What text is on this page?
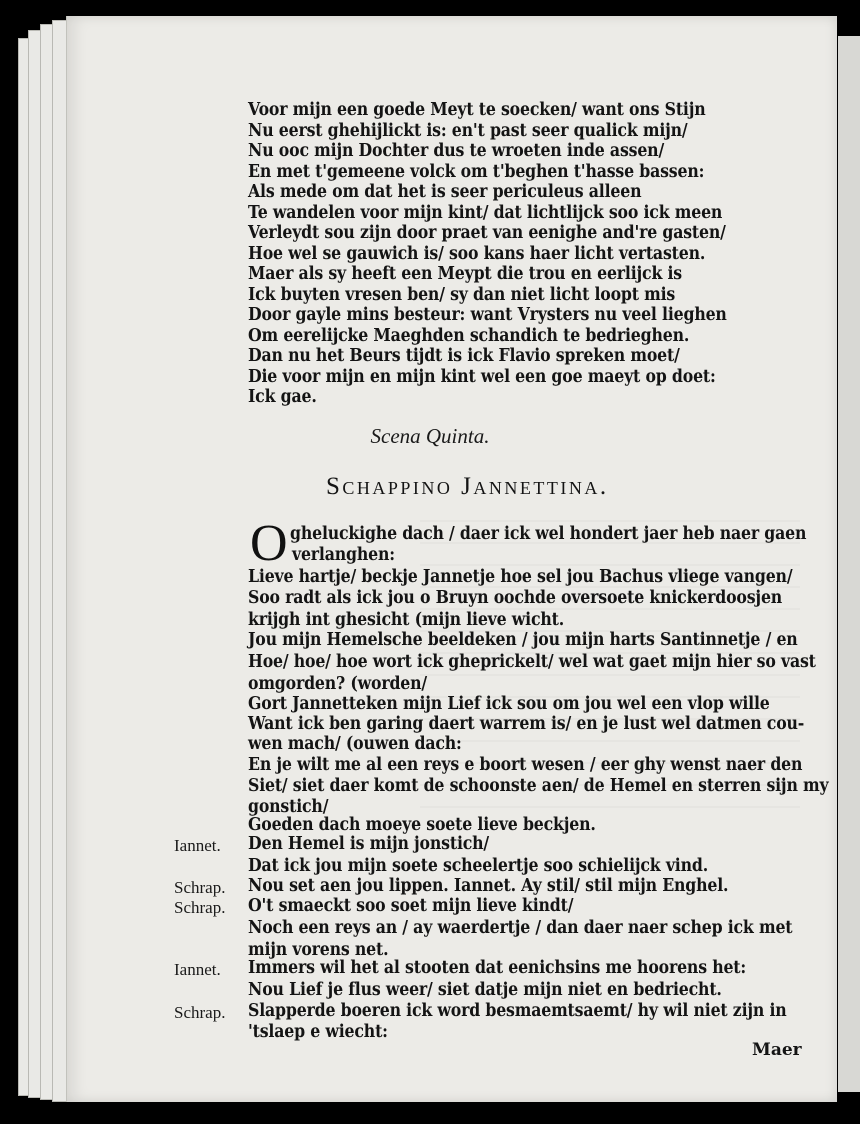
Voor mijn een goede Meyt te soecken/ want ons Stijn

Nu eerst ghehijlickt is: en't past seer qualick mijn/

Nu ooc mijn Dochter dus te wroeten inde assen/

En met t'gemeene volck om t'beghen t'hasse bassen:

Als mede om dat het is seer periculeus alleen

Te wandelen voor mijn kint/ dat lichtlijck soo ick meen

Verleydt sou zijn door praet van eenighe and're gasten/

Hoe wel se gauwich is/ soo kans haer licht vertasten.

Maer als sy heeft een Meypt die trou en eerlijck is

Ick buyten vresen ben/ sy dan niet licht loopt mis

Door gayle mins besteur: want Vrysters nu veel lieghen

Om eerelijcke Maeghden schandich te bedrieghen.

Dan nu het Beurs tijdt is ick Flavio spreken moet/

Die voor mijn en mijn kint wel een goe maeyt op doet:

Ick gae.

Scena Quinta.

Schappino Jannettina.

O gheluckighe dach / daer ick wel hondert jaer heb naer gaen

verlanghen:

Lieve hartje/ beckje Jannetje hoe sel jou Bachus vliege vangen/

Soo radt als ick jou o Bruyn oochde oversoete knickerdoosjen

krijgh int ghesicht (mijn lieve wicht.

Jou mijn Hemelsche beeldeken / jou mijn harts Santinnetje / en

Hoe/ hoe/ hoe wort ick gheprickelt/ wel wat gaet mijn hier so vast

omgorden? (worden/

Gort Jannetteken mijn Lief ick sou om jou wel een vlop wille

Want ick ben garing daert warrem is/ en je lust wel datmen cou-

wen mach/ (ouwen dach:

En je wilt me al een reys e boort wesen / eer ghy wenst naer den

Siet/ siet daer komt de schoonste aen/ de Hemel en sterren sijn my

gonstich/

Goeden dach moeye soete lieve beckjen.

Den Hemel is mijn jonstich/

Iannet.

Dat ick jou mijn soete scheelertje soo schielijck vind.

Nou set aen jou lippen. Iannet. Ay stil/ stil mijn Enghel.

Schrap.

O't smaeckt soo soet mijn lieve kindt/

Schrap.

Noch een reys an / ay waerdertje / dan daer naer schep ick met

mijn vorens net.

Immers wil het al stooten dat eenichsins me hoorens het:

Iannet.

Nou Lief je flus weer/ siet datje mijn niet en bedriecht.

Slapperde boeren ick word besmaemtsaemt/ hy wil niet zijn in

Schrap.

'tslaep e wiecht:

Maer
